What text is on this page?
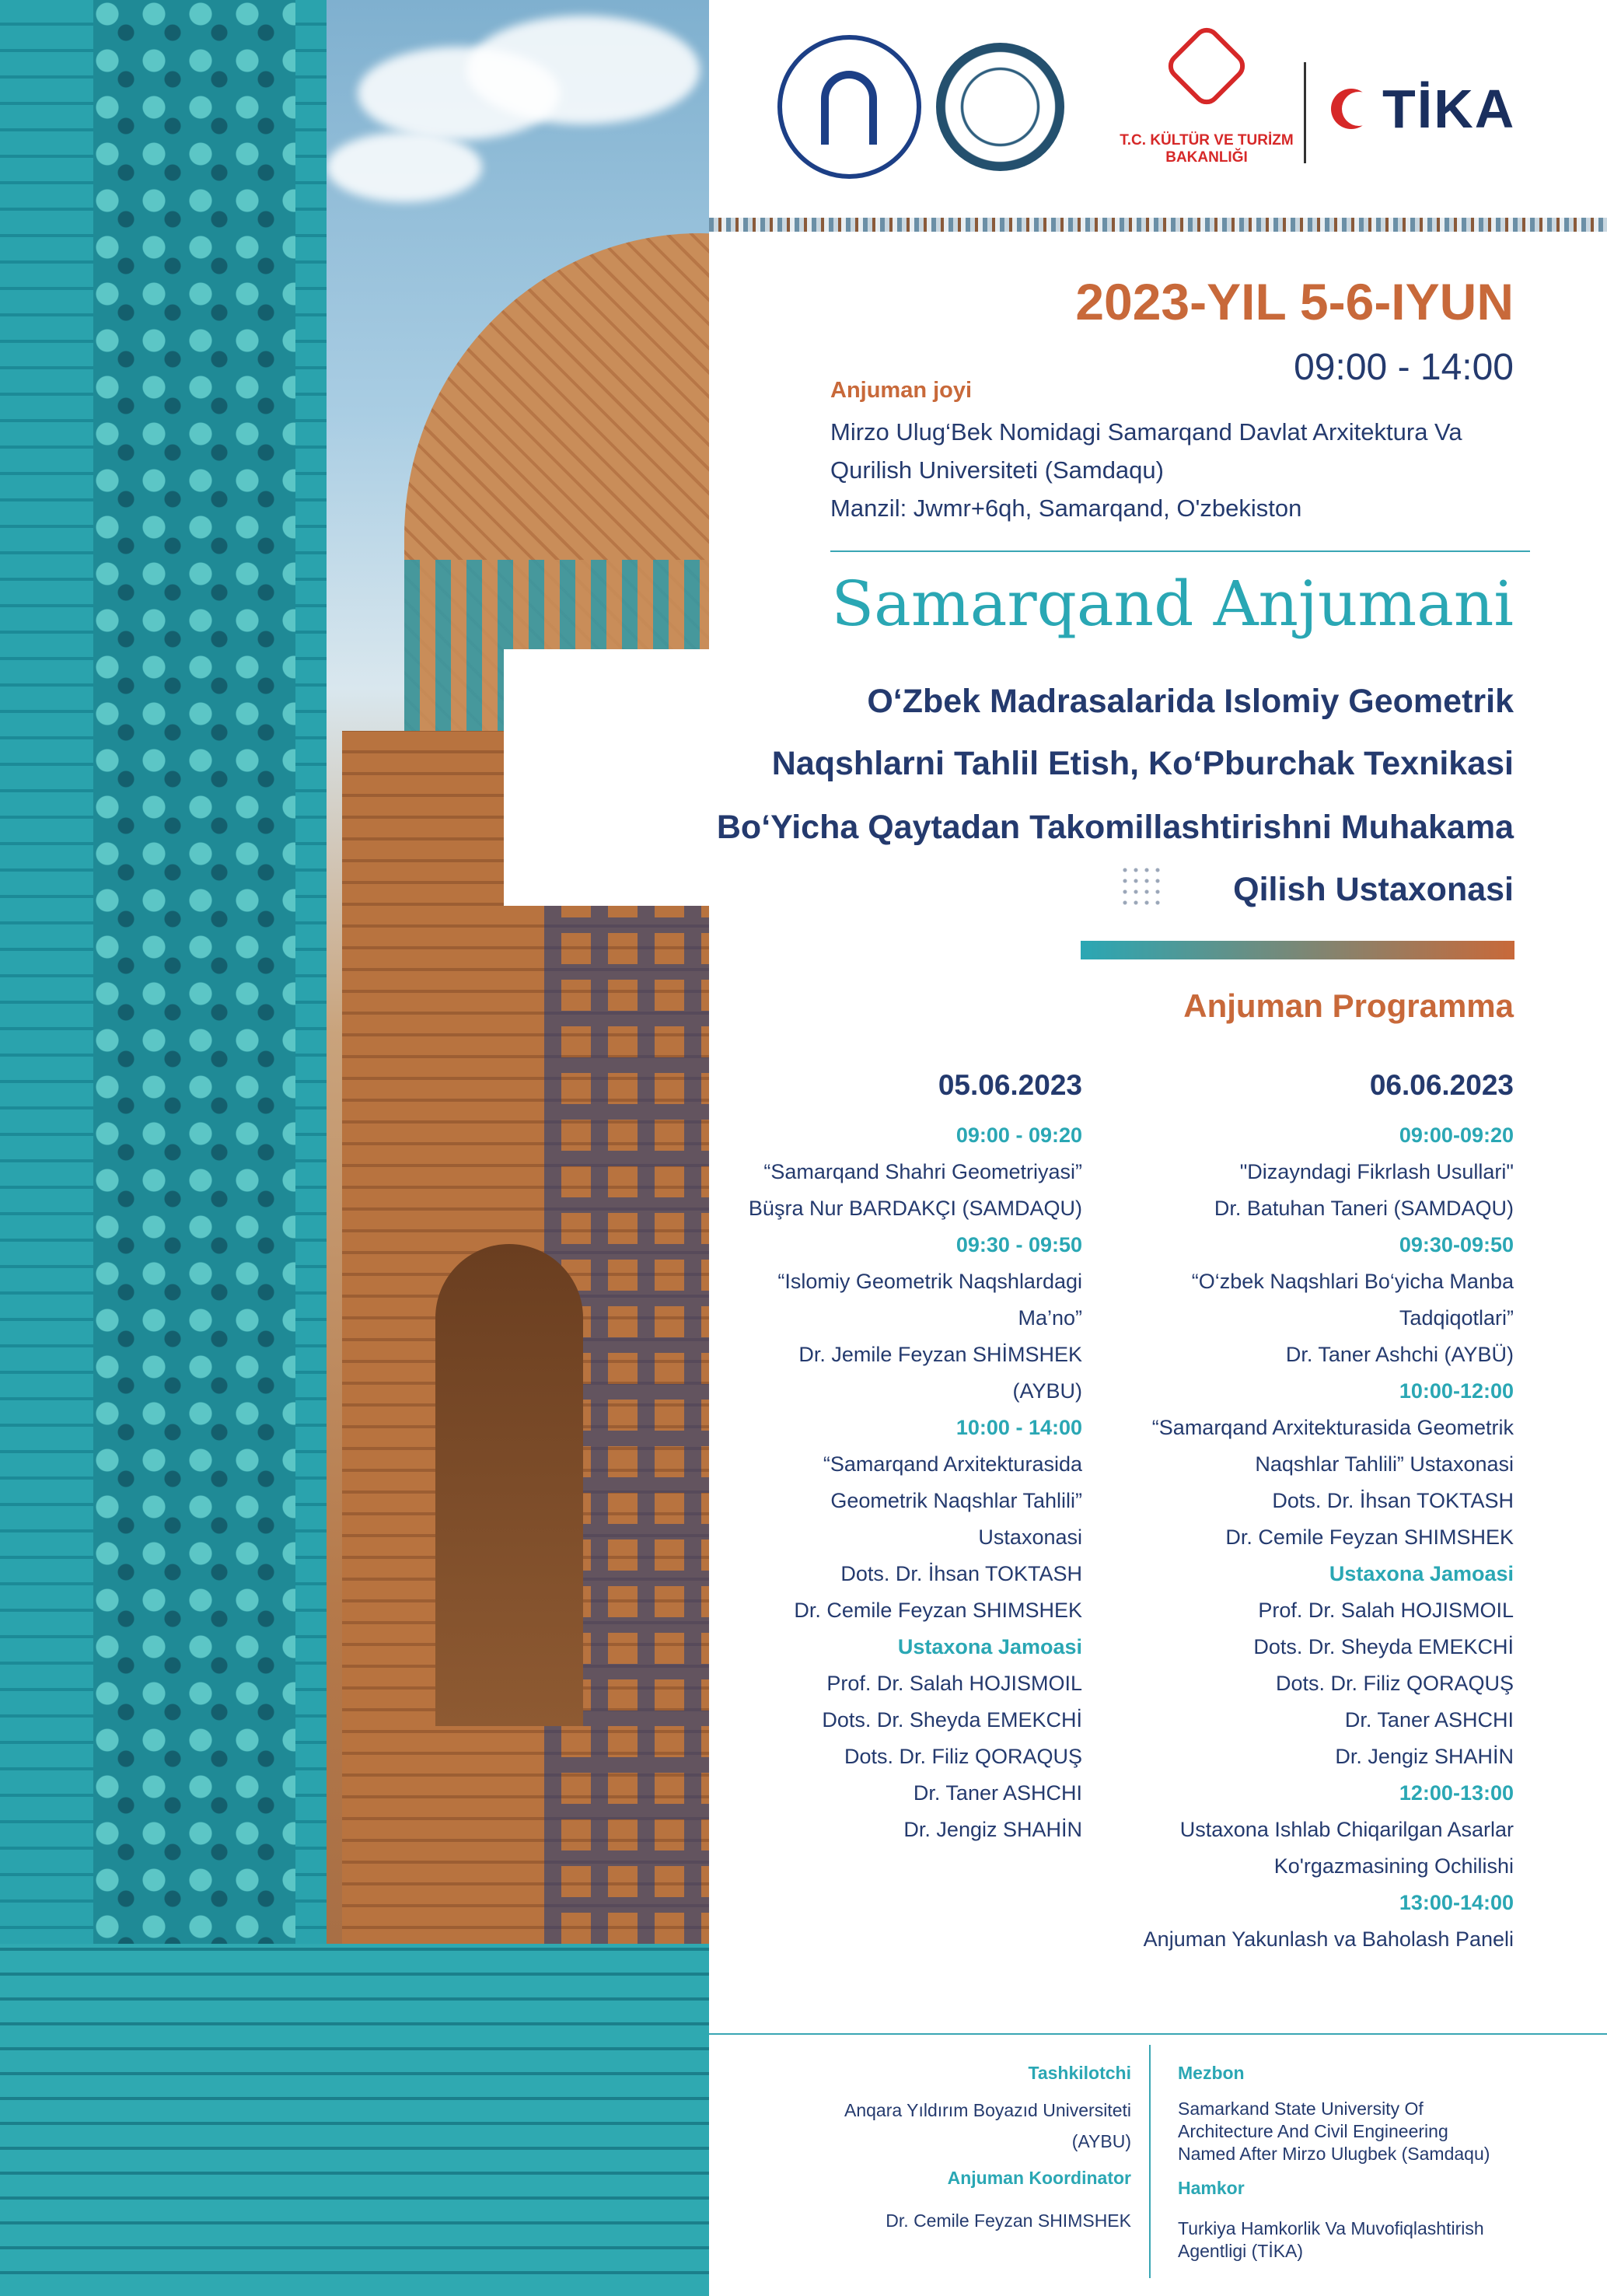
T.C. KÜLTÜR VE TURİZM
BAKANLIĞI
TİKA
2023-YIL 5-6-IYUN
09:00 - 14:00
Anjuman joyi
Mirzo Ulug‘Bek Nomidagi Samarqand Davlat Arxitektura Va
Qurilish Universiteti (Samdaqu)
Manzil: Jwmr+6qh, Samarqand, O'zbekiston
Samarqand Anjumani
O‘Zbek Madrasalarida Islomiy Geometrik
Naqshlarni Tahlil Etish, Ko‘Pburchak Texnikasi
Bo‘Yicha Qaytadan Takomillashtirishni Muhakama
Qilish Ustaxonasi
Anjuman Programma
05.06.2023
09:00 - 09:20
“Samarqand Shahri Geometriyasi”
Büşra Nur BARDAKÇI (SAMDAQU)
09:30 - 09:50
“Islomiy Geometrik Naqshlardagi
Ma’no”
Dr. Jemile Feyzan SHİMSHEK
(AYBU)
10:00 - 14:00
“Samarqand Arxitekturasida
Geometrik Naqshlar Tahlili”
Ustaxonasi
Dots. Dr. İhsan TOKTASH
Dr. Cemile Feyzan SHIMSHEK
Ustaxona Jamoasi
Prof. Dr. Salah HOJISMOIL
Dots. Dr. Sheyda EMEKCHİ
Dots. Dr. Filiz QORAQUŞ
Dr. Taner ASHCHI
Dr. Jengiz SHAHİN
06.06.2023
09:00-09:20
"Dizayndagi Fikrlash Usullari"
Dr. Batuhan Taneri (SAMDAQU)
09:30-09:50
“O‘zbek Naqshlari Bo‘yicha Manba
Tadqiqotlari”
Dr. Taner Ashchi (AYBÜ)
10:00-12:00
“Samarqand Arxitekturasida Geometrik
Naqshlar Tahlili” Ustaxonasi
Dots. Dr. İhsan TOKTASH
Dr. Cemile Feyzan SHIMSHEK
Ustaxona Jamoasi
Prof. Dr. Salah HOJISMOIL
Dots. Dr. Sheyda EMEKCHİ
Dots. Dr. Filiz QORAQUŞ
Dr. Taner ASHCHI
Dr. Jengiz SHAHİN
12:00-13:00
Ustaxona Ishlab Chiqarilgan Asarlar
Ko'rgazmasining Ochilishi
13:00-14:00
Anjuman Yakunlash va Baholash Paneli
Tashkilotchi
Anqara Yıldırım Boyazıd Universiteti
(AYBU)
Anjuman Koordinator
Dr. Cemile Feyzan SHIMSHEK
Mezbon
Samarkand State University Of
Architecture And Civil Engineering
Named After Mirzo Ulugbek (Samdaqu)
Hamkor
Turkiya Hamkorlik Va Muvofiqlashtirish
Agentligi (TİKA)
